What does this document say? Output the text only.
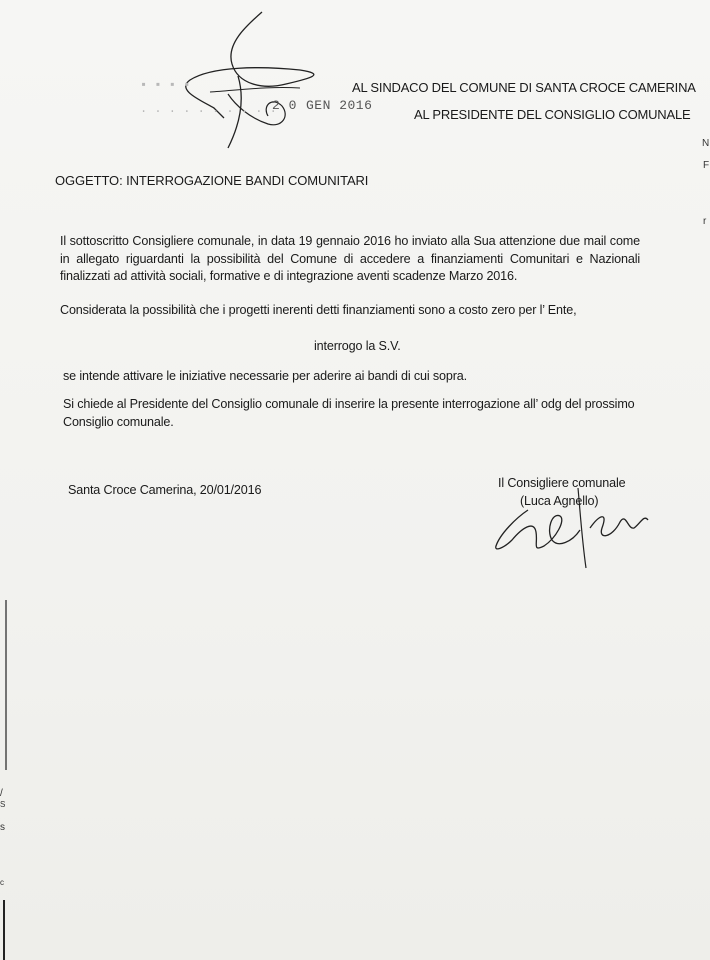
▪ ▪ ▪ ▪
. . . . . . . . . .
2 0 GEN 2016
AL SINDACO DEL COMUNE DI SANTA CROCE CAMERINA
AL PRESIDENTE DEL CONSIGLIO COMUNALE
OGGETTO: INTERROGAZIONE BANDI COMUNITARI
Il sottoscritto Consigliere comunale, in data 19 gennaio 2016 ho inviato alla Sua attenzione due mail come in allegato riguardanti la possibilità del Comune di accedere a finanziamenti Comunitari e Nazionali finalizzati ad attività sociali, formative e di integrazione aventi scadenze Marzo 2016.
Considerata la possibilità che i progetti inerenti detti finanziamenti sono a costo zero per l’ Ente,
interrogo la S.V.
se intende attivare le iniziative necessarie per aderire ai bandi di cui sopra.
Si chiede al Presidente del Consiglio comunale di inserire la presente interrogazione all’ odg del prossimo Consiglio comunale.
Santa Croce Camerina, 20/01/2016	Il Consigliere comunale
(Luca Agnello)
N
F
r
/
S
s
c
